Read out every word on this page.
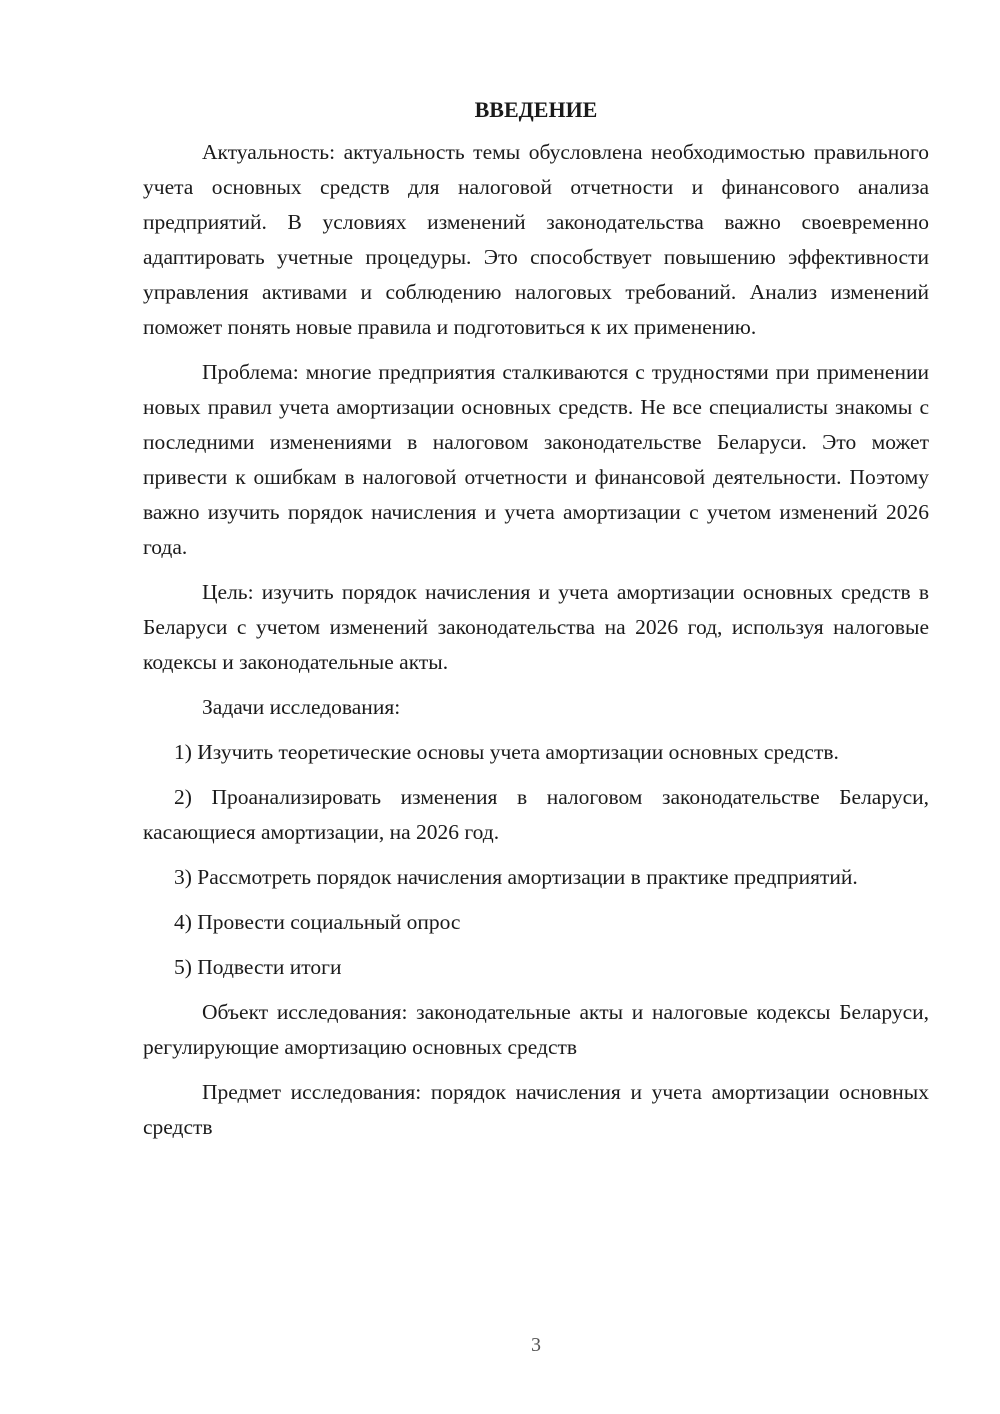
ВВЕДЕНИЕ

Актуальность: актуальность темы обусловлена необходимостью правильного учета основных средств для налоговой отчетности и финансового анализа предприятий. В условиях изменений законодательства важно своевременно адаптировать учетные процедуры. Это способствует повышению эффективности управления активами и соблюдению налоговых требований. Анализ изменений поможет понять новые правила и подготовиться к их применению.

Проблема: многие предприятия сталкиваются с трудностями при применении новых правил учета амортизации основных средств. Не все специалисты знакомы с последними изменениями в налоговом законодательстве Беларуси. Это может привести к ошибкам в налоговой отчетности и финансовой деятельности. Поэтому важно изучить порядок начисления и учета амортизации с учетом изменений 2026 года.

Цель: изучить порядок начисления и учета амортизации основных средств в Беларуси с учетом изменений законодательства на 2026 год, используя налоговые кодексы и законодательные акты.

Задачи исследования:

1) Изучить теоретические основы учета амортизации основных средств.

2) Проанализировать изменения в налоговом законодательстве Беларуси, касающиеся амортизации, на 2026 год.

3) Рассмотреть порядок начисления амортизации в практике предприятий.

4) Провести социальный опрос

5) Подвести итоги

Объект исследования: законодательные акты и налоговые кодексы Беларуси, регулирующие амортизацию основных средств

Предмет исследования: порядок начисления и учета амортизации основных средств

3
